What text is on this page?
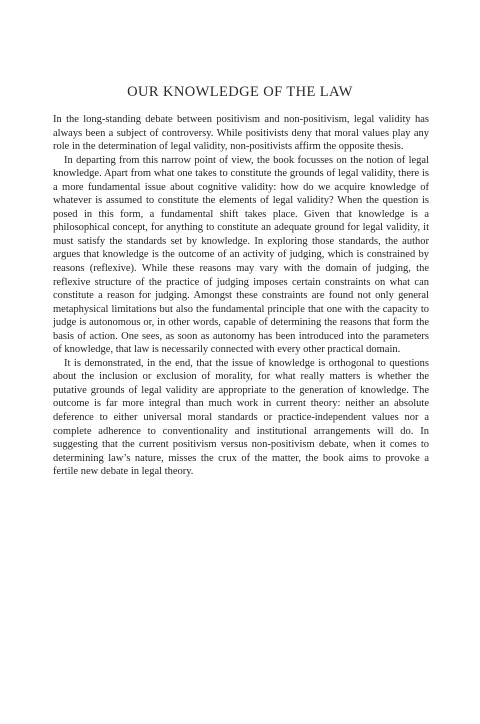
OUR KNOWLEDGE OF THE LAW

In the long-standing debate between positivism and non-positivism, legal validity has always been a subject of controversy. While positivists deny that moral values play any role in the determination of legal validity, non-positivists affirm the opposite thesis.

In departing from this narrow point of view, the book focusses on the notion of legal knowledge. Apart from what one takes to constitute the grounds of legal validity, there is a more fundamental issue about cognitive validity: how do we acquire knowledge of whatever is assumed to constitute the elements of legal validity? When the question is posed in this form, a fundamental shift takes place. Given that knowledge is a philosophical concept, for anything to constitute an adequate ground for legal validity, it must satisfy the standards set by knowledge. In exploring those standards, the author argues that knowledge is the outcome of an activity of judging, which is constrained by reasons (reflexive). While these reasons may vary with the domain of judging, the reflexive structure of the practice of judging imposes certain constraints on what can constitute a reason for judging. Amongst these constraints are found not only general metaphysical limitations but also the fundamental principle that one with the capacity to judge is autonomous or, in other words, capable of determining the reasons that form the basis of action. One sees, as soon as autonomy has been introduced into the parameters of knowledge, that law is necessarily connected with every other practical domain.

It is demonstrated, in the end, that the issue of knowledge is orthogonal to questions about the inclusion or exclusion of morality, for what really matters is whether the putative grounds of legal validity are appropriate to the generation of knowledge. The outcome is far more integral than much work in current theory: neither an absolute deference to either universal moral standards or practice-independent values nor a complete adherence to conventionality and institutional arrangements will do. In suggesting that the current positivism versus non-positivism debate, when it comes to determining law’s nature, misses the crux of the matter, the book aims to provoke a fertile new debate in legal theory.
